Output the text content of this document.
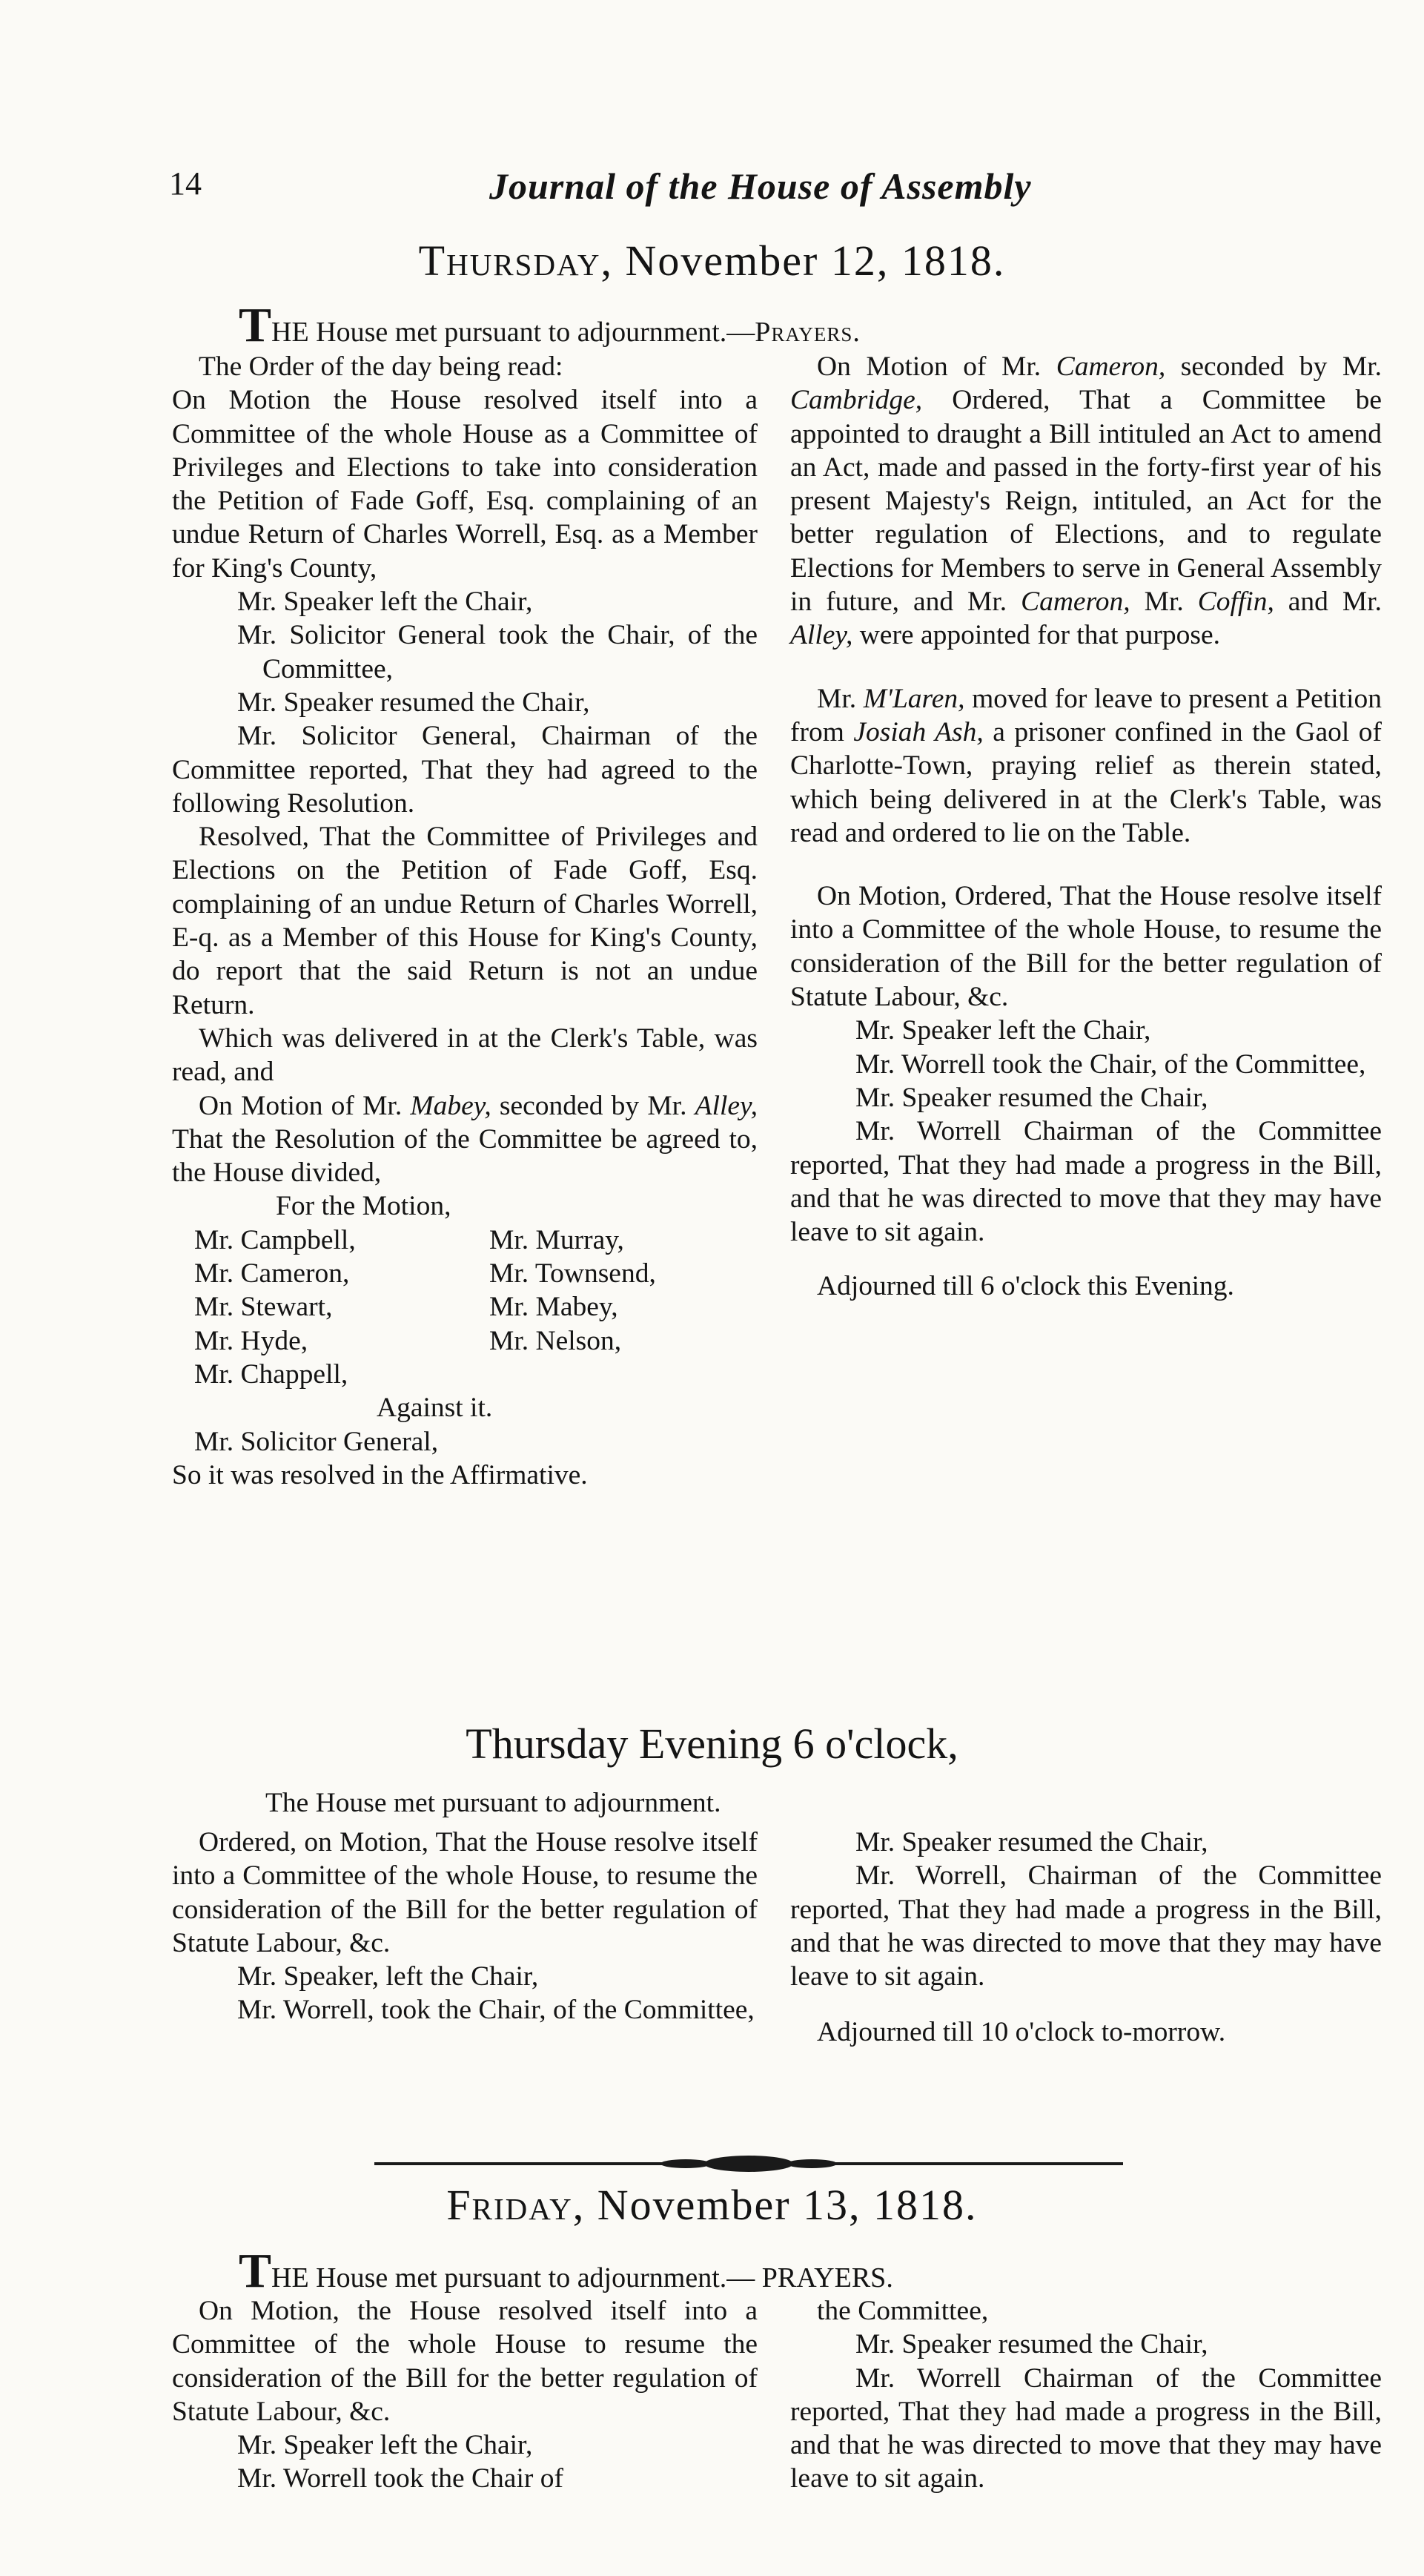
14	Journal of the House of Assembly
Thursday, November 12, 1818.
THE House met pursuant to adjournment.—Prayers.

The Order of the day being read:

On Motion the House resolved itself into a Committee of the whole House as a Committee of Privileges and Elections to take into consideration the Petition of Fade Goff, Esq. complaining of an undue Return of Charles Worrell, Esq. as a Member for King's County,

Mr. Speaker left the Chair,

Mr. Solicitor General took the Chair, of the Committee,

Mr. Speaker resumed the Chair,

Mr. Solicitor General, Chairman of the Committee reported, That they had agreed to the following Resolution.

Resolved, That the Committee of Privileges and Elections on the Petition of Fade Goff, Esq. complaining of an undue Return of Charles Worrell, E-q. as a Member of this House for King's County, do report that the said Return is not an undue Return.

Which was delivered in at the Clerk's Table, was read, and

On Motion of Mr. Mabey, seconded by Mr. Alley, That the Resolution of the Committee be agreed to, the House divided,

For the Motion,

Mr. Campbell,	Mr. Murray,
Mr. Cameron,	Mr. Townsend,
Mr. Stewart,	Mr. Mabey,
Mr. Hyde,	Mr. Nelson,
Mr. Chappell,	

Against it.

Mr. Solicitor General,

So it was resolved in the Affirmative.

On Motion of Mr. Cameron, seconded by Mr. Cambridge, Ordered, That a Committee be appointed to draught a Bill intituled an Act to amend an Act, made and passed in the forty-first year of his present Majesty's Reign, intituled, an Act for the better regulation of Elections, and to regulate Elections for Members to serve in General Assembly in future, and Mr. Cameron, Mr. Coffin, and Mr. Alley, were appointed for that purpose.

Mr. M'Laren, moved for leave to present a Petition from Josiah Ash, a prisoner confined in the Gaol of Charlotte-Town, praying relief as therein stated, which being delivered in at the Clerk's Table, was read and ordered to lie on the Table.

On Motion, Ordered, That the House resolve itself into a Committee of the whole House, to resume the consideration of the Bill for the better regulation of Statute Labour, &c.

Mr. Speaker left the Chair,

Mr. Worrell took the Chair, of the Committee,

Mr. Speaker resumed the Chair,

Mr. Worrell Chairman of the Committee reported, That they had made a progress in the Bill, and that he was directed to move that they may have leave to sit again.

Adjourned till 6 o'clock this Evening.

Thursday Evening 6 o'clock,
The House met pursuant to adjournment.

Ordered, on Motion, That the House resolve itself into a Committee of the whole House, to resume the consideration of the Bill for the better regulation of Statute Labour, &c.

Mr. Speaker, left the Chair,

Mr. Worrell, took the Chair, of the Committee,

Mr. Speaker resumed the Chair,

Mr. Worrell, Chairman of the Committee reported, That they had made a progress in the Bill, and that he was directed to move that they may have leave to sit again.

Adjourned till 10 o'clock to-morrow.

Friday, November 13, 1818.
THE House met pursuant to adjournment.— PRAYERS.

On Motion, the House resolved itself into a Committee of the whole House to resume the consideration of the Bill for the better regulation of Statute Labour, &c.

Mr. Speaker left the Chair,

Mr. Worrell took the Chair of

the Committee,

Mr. Speaker resumed the Chair,

Mr. Worrell Chairman of the Committee reported, That they had made a progress in the Bill, and that he was directed to move that they may have leave to sit again.
